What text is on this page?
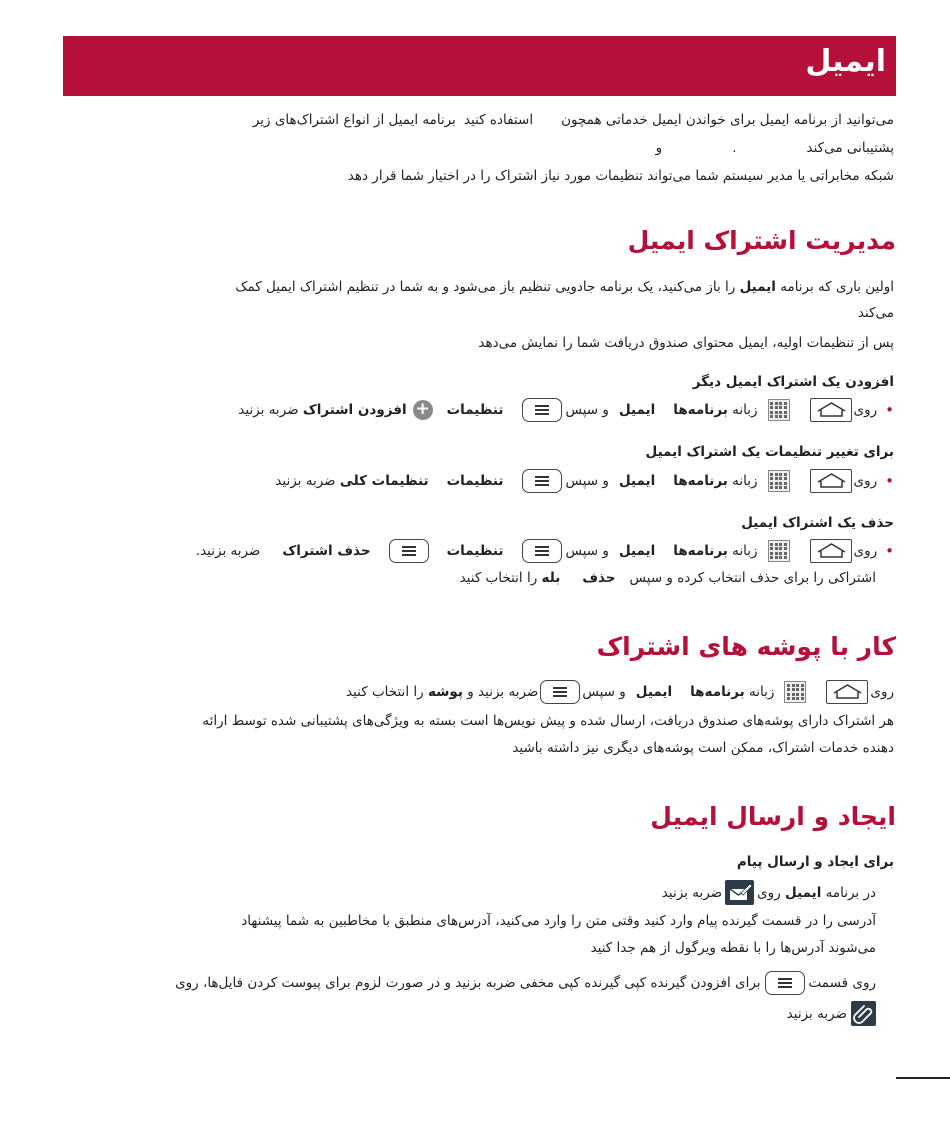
ایمیل
می‌توانید از برنامه ایمیل برای خواندن ایمیل خدماتی همچون
استفاده کنید
برنامه ایمیل از انواع اشتراک‌های زیر
پشتیبانی می‌کند
.
و
شبکه مخابراتی یا مدیر سیستم شما می‌تواند تنظیمات مورد نیاز اشتراک را در اختیار شما قرار دهد
مدیریت اشتراک ایمیل
اولین باری که برنامه

ایمیل

را باز می‌کنید، یک برنامه جادویی تنظیم باز می‌شود و به شما در تنظیم اشتراک ایمیل کمک
می‌کند
پس از تنظیمات اولیه، ایمیل محتوای صندوق دریافت شما را نمایش می‌دهد
افزودن یک اشتراک ایمیل دیگر
•
روی
زبانه

برنامه‌ها
ایمیل
و سپس
تنظیمات
+
افزودن اشتراک

ضربه بزنید
برای تغییر تنظیمات یک اشتراک ایمیل
•
روی
زبانه

برنامه‌ها
ایمیل
و سپس
تنظیمات
تنظیمات کلی

ضربه بزنید
حذف یک اشتراک ایمیل
•
روی
زبانه

برنامه‌ها
ایمیل
و سپس
تنظیمات
حذف اشتراک
ضربه بزنید.
اشتراکی را برای حذف انتخاب کرده و سپس
حذف
بله

را انتخاب کنید
کار با پوشه های اشتراک
روی
زبانه

برنامه‌ها
ایمیل
و سپس
ضربه بزنید و

پوشه

را انتخاب کنید
هر اشتراک دارای پوشه‌های صندوق دریافت، ارسال شده و پیش نویس‌ها است بسته به ویژگی‌های پشتیبانی شده توسط ارائه
دهنده خدمات اشتراک، ممکن است پوشه‌های دیگری نیز داشته باشید
ایجاد و ارسال ایمیل
برای ایجاد و ارسال پیام
در برنامه

ایمیل

روی
ضربه بزنید
آدرسی را در قسمت گیرنده پیام وارد کنید وقتی متن را وارد می‌کنید، آدرس‌های منطبق با مخاطبین به شما پیشنهاد
می‌شوند آدرس‌ها را با نقطه ویرگول از هم جدا کنید
روی قسمت
برای افزودن گیرنده کپی گیرنده کپی مخفی ضربه بزنید و در صورت لزوم برای پیوست کردن فایل‌ها، روی
ضربه بزنید
